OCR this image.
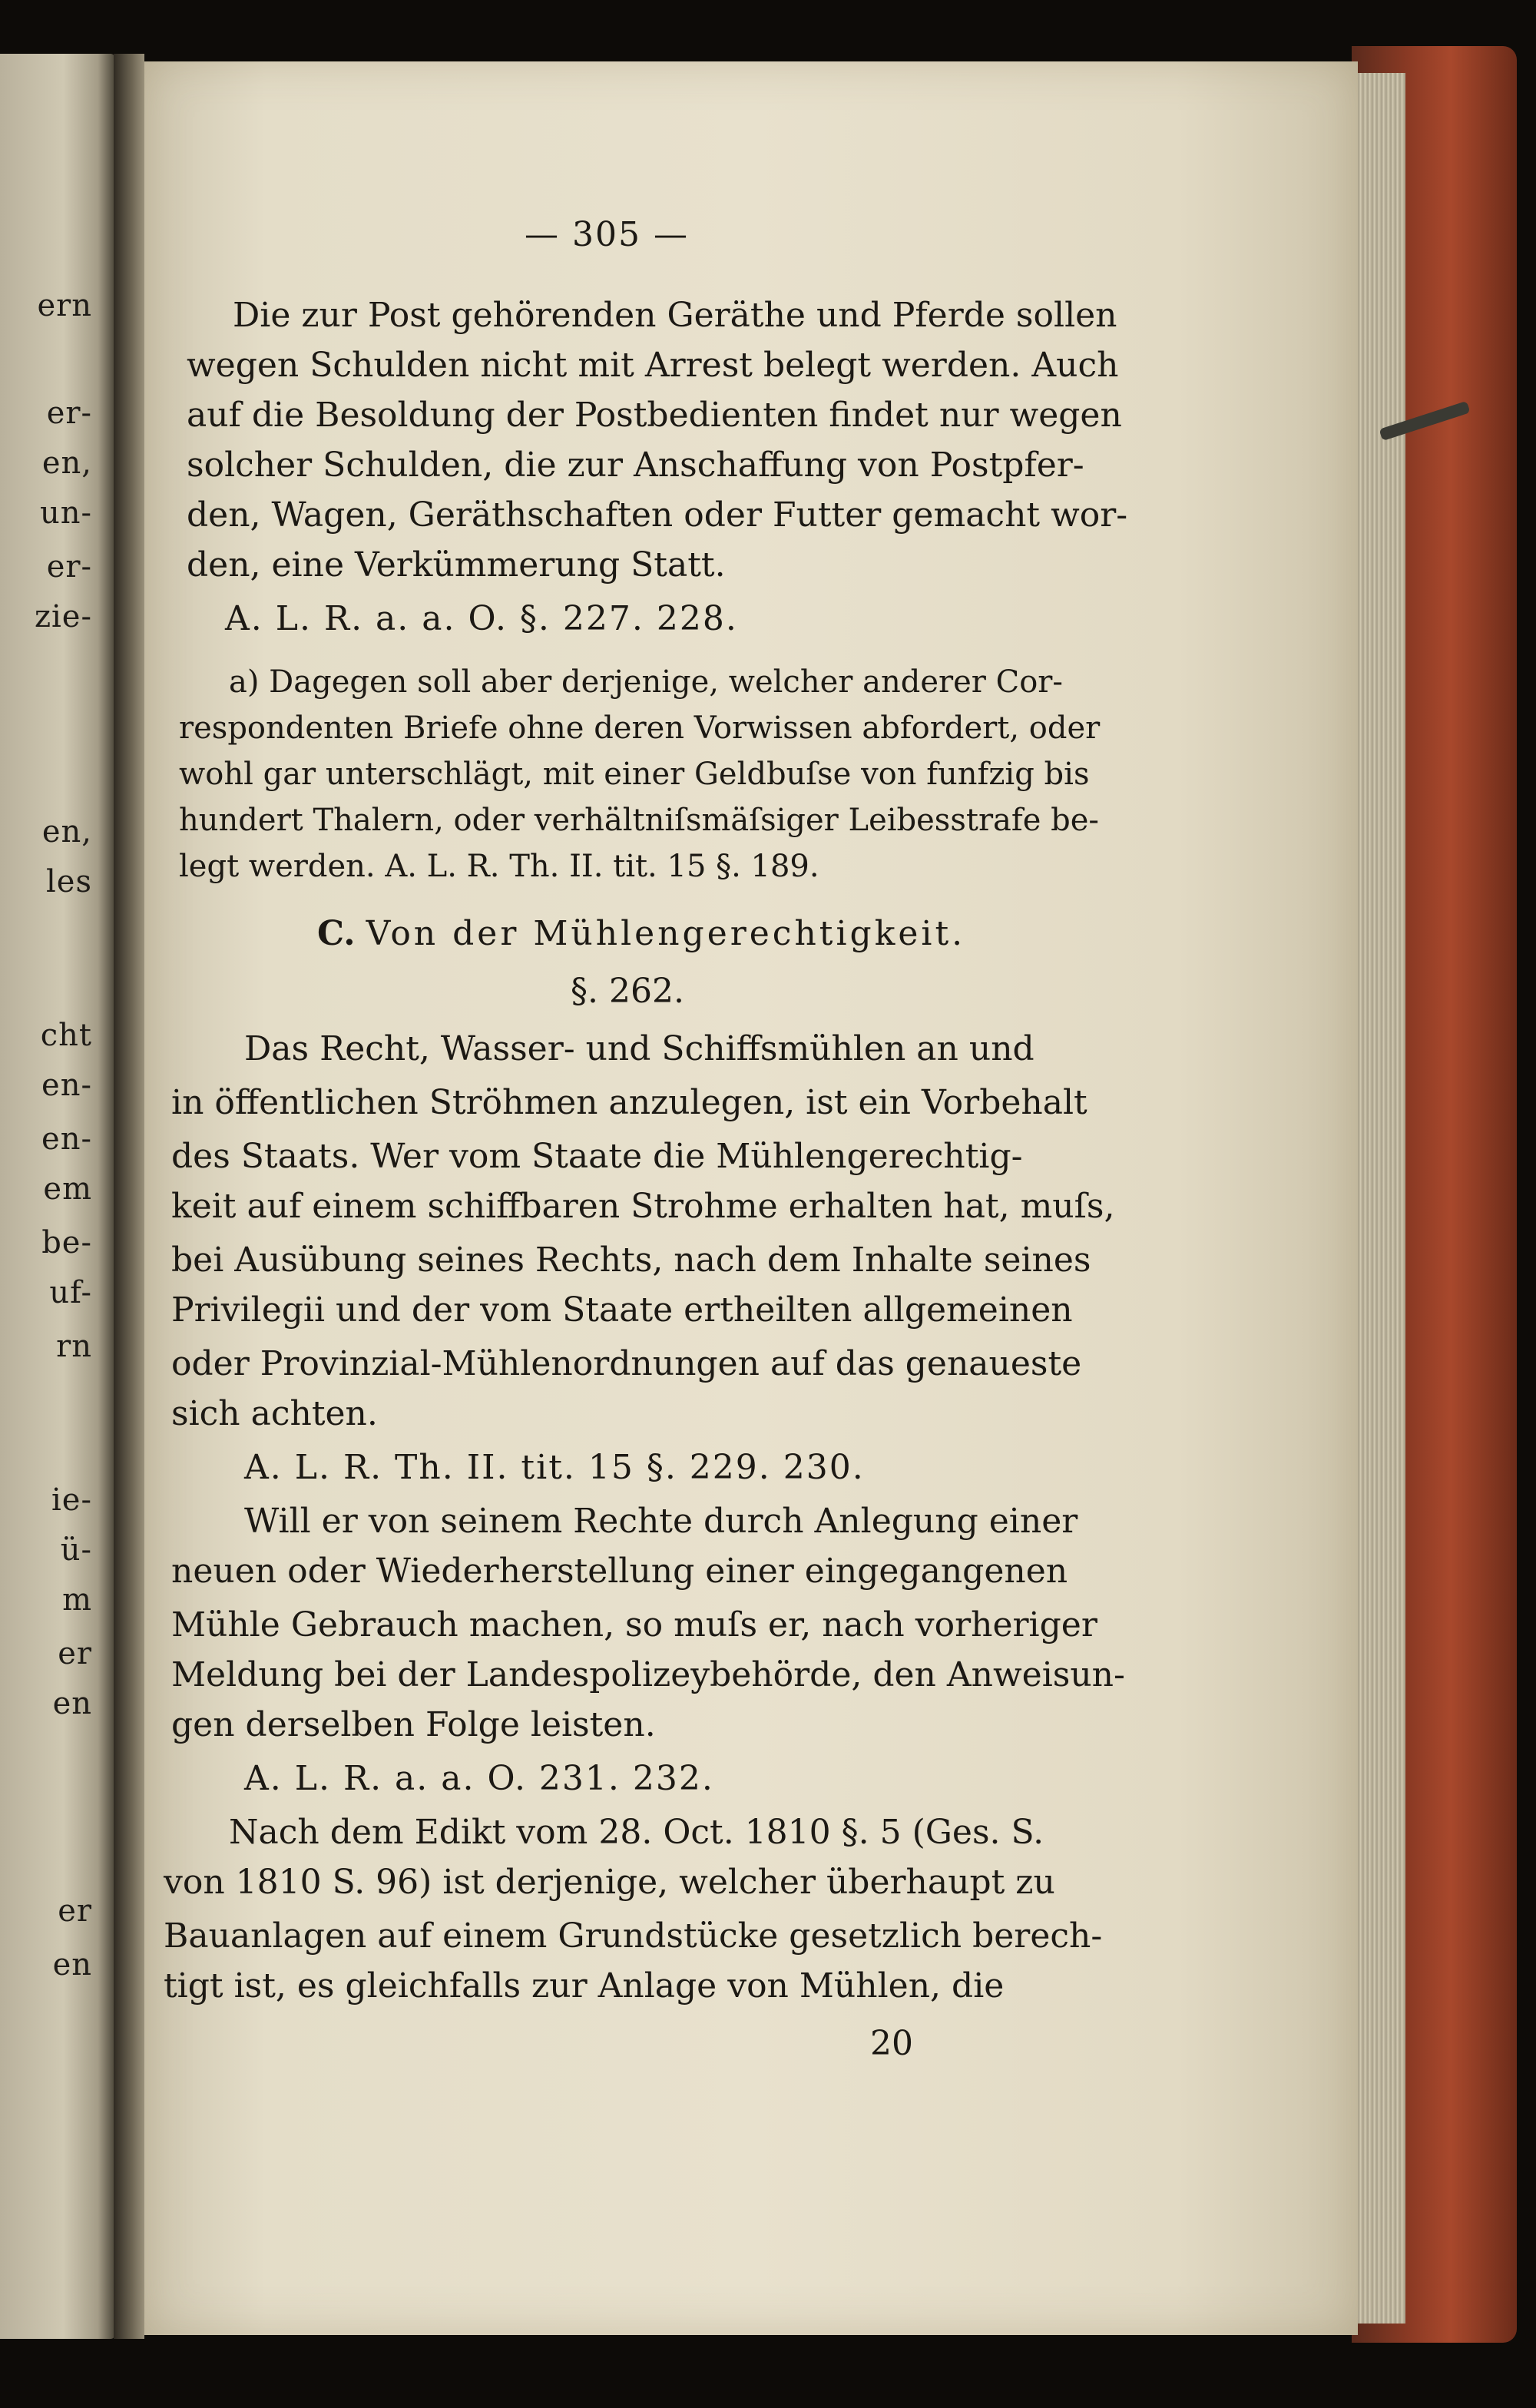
ern
er-
en,
un-
er-
zie-
en,
les
cht
en-
en-
em
be-
uf-
rn
ie-
ü-
m
er
en
er
en
— 305 —
Die zur Post gehörenden Geräthe und Pferde sollen
wegen Schulden nicht mit Arrest belegt werden. Auch
auf die Besoldung der Postbedienten findet nur wegen
solcher Schulden, die zur Anschaffung von Postpfer-
den, Wagen, Geräthschaften oder Futter gemacht wor-
den, eine Verkümmerung Statt.
A. L. R. a. a. O. §. 227. 228.
a) Dagegen soll aber derjenige, welcher anderer Cor-
respondenten Briefe ohne deren Vorwissen abfordert, oder
wohl gar unterschlägt, mit einer Geldbuſse von funfzig bis
hundert Thalern, oder verhältniſsmäſsiger Leibesstrafe be-
legt werden. A. L. R. Th. II. tit. 15 §. 189.
C. Von der Mühlengerechtigkeit.
§. 262.
Das Recht, Wasser- und Schiffsmühlen an und
in öffentlichen Ströhmen anzulegen, ist ein Vorbehalt
des Staats. Wer vom Staate die Mühlengerechtig-
keit auf einem schiffbaren Strohme erhalten hat, muſs,
bei Ausübung seines Rechts, nach dem Inhalte seines
Privilegii und der vom Staate ertheilten allgemeinen
oder Provinzial-Mühlenordnungen auf das genaueste
sich achten.
A. L. R. Th. II. tit. 15 §. 229. 230.
Will er von seinem Rechte durch Anlegung einer
neuen oder Wiederherstellung einer eingegangenen
Mühle Gebrauch machen, so muſs er, nach vorheriger
Meldung bei der Landespolizeybehörde, den Anweisun-
gen derselben Folge leisten.
A. L. R. a. a. O. 231. 232.
Nach dem Edikt vom 28. Oct. 1810 §. 5 (Ges. S.
von 1810 S. 96) ist derjenige, welcher überhaupt zu
Bauanlagen auf einem Grundstücke gesetzlich berech-
tigt ist, es gleichfalls zur Anlage von Mühlen, die
20
